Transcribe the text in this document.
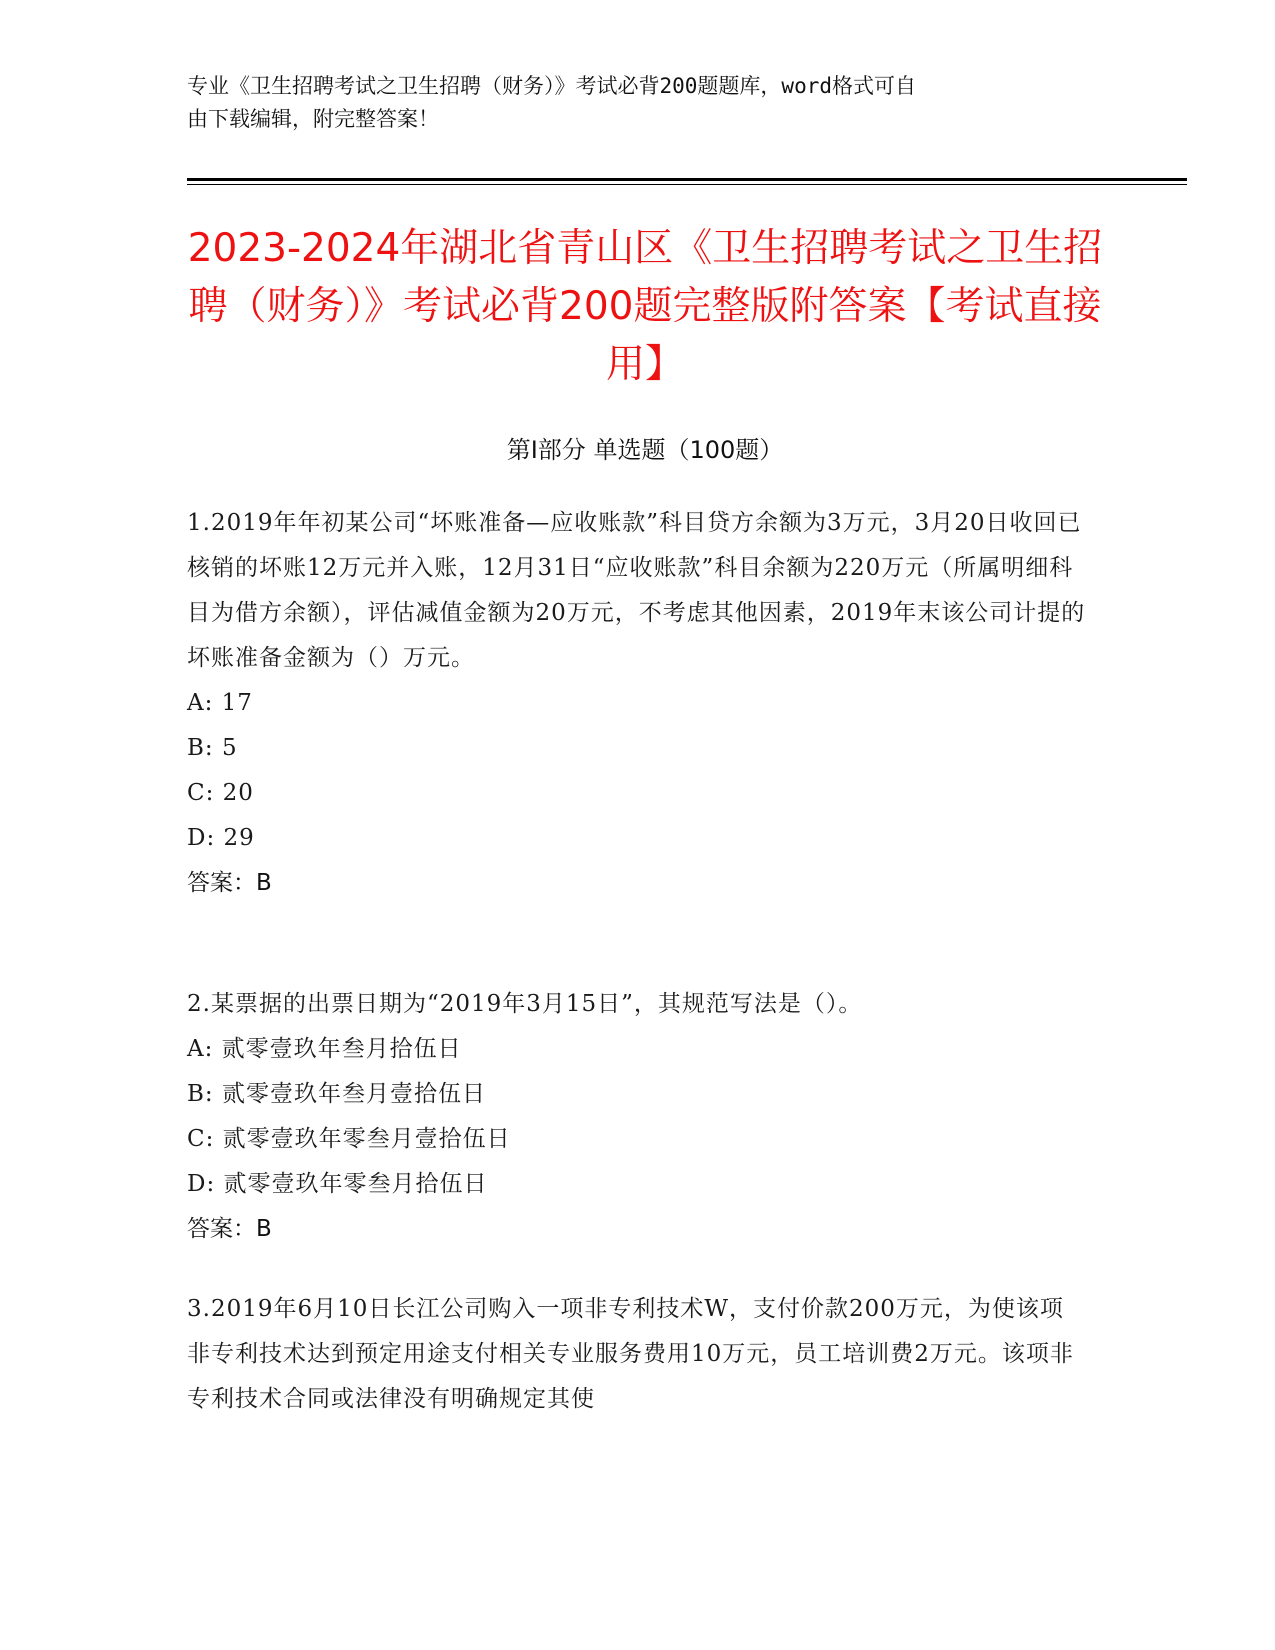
专业《卫生招聘考试之卫生招聘（财务）》考试必背200题题库，word格式可自
由下载编辑，附完整答案！
2023-2024年湖北省青山区《卫生招聘考试之卫生招聘（财务）》考试必背200题完整版附答案【考试直接用】
第Ⅰ部分 单选题（100题）
1.2019年年初某公司“坏账准备—应收账款”科目贷方余额为3万元，3月20日收回已核销的坏账12万元并入账，12月31日“应收账款”科目余额为220万元（所属明细科目为借方余额），评估减值金额为20万元，不考虑其他因素，2019年末该公司计提的坏账准备金额为（）万元。
A: 17
B: 5
C: 20
D: 29
答案：B
2.某票据的出票日期为“2019年3月15日”，其规范写法是（）。
A: 贰零壹玖年叁月拾伍日
B: 贰零壹玖年叁月壹拾伍日
C: 贰零壹玖年零叁月壹拾伍日
D: 贰零壹玖年零叁月拾伍日
答案：B
3.2019年6月10日长江公司购入一项非专利技术W，支付价款200万元，为使该项非专利技术达到预定用途支付相关专业服务费用10万元，员工培训费2万元。该项非专利技术合同或法律没有明确规定其使
